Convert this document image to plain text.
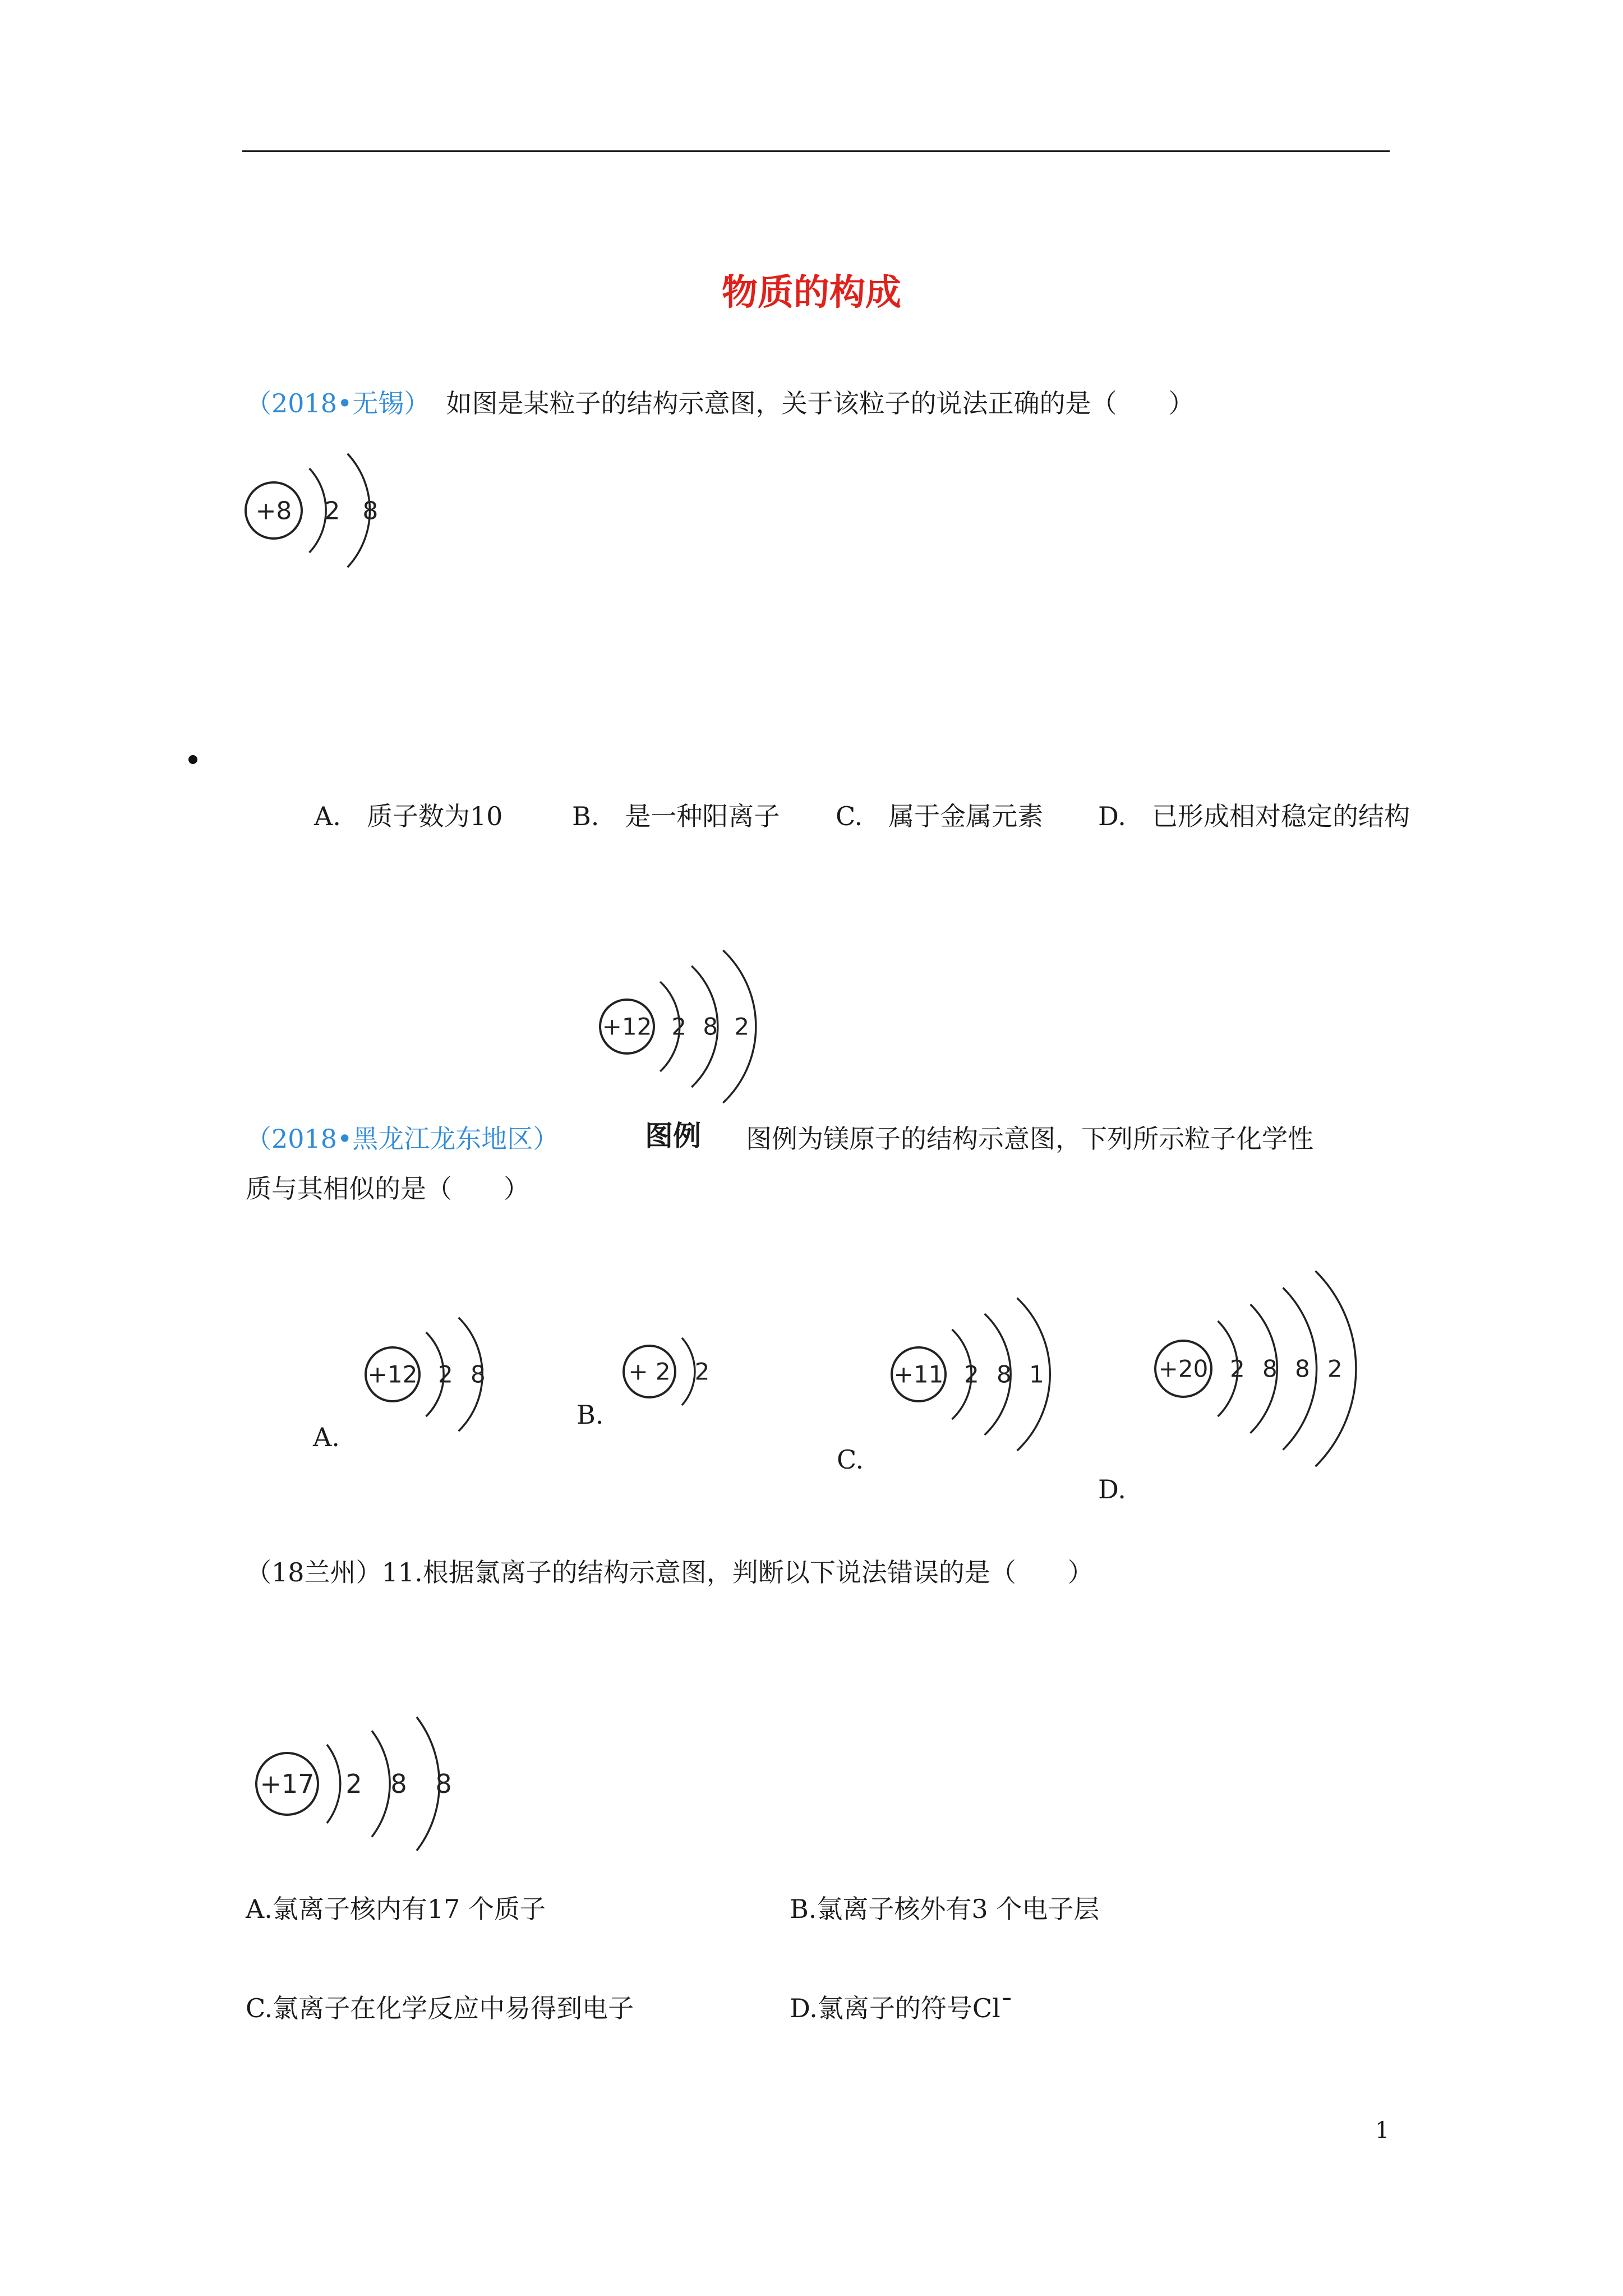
物质的构成
（2018•无锡） 如图是某粒子的结构示意图，关于该粒子的说法正确的是（　　）
+8 2 8
A.　质子数为10	B.　是一种阳离子 C.　属于金属元素 D.　已形成相对稳定的结构
+12 2 8 2
图例
（2018•黑龙江龙东地区）	图例为镁原子的结构示意图，下列所示粒子化学性
质与其相似的是（　　）
+12 2 8
A.
+ 2 2
B.
+11 2 8 1
C.
+20 2 8 8 2
D.
（18兰州）11.根据氯离子的结构示意图，判断以下说法错误的是（　　）
+17 2 8 8
A.氯离子核内有17 个质子	B.氯离子核外有3 个电子层
C.氯离子在化学反应中易得到电子	D.氯离子的符号Cl¯
1
